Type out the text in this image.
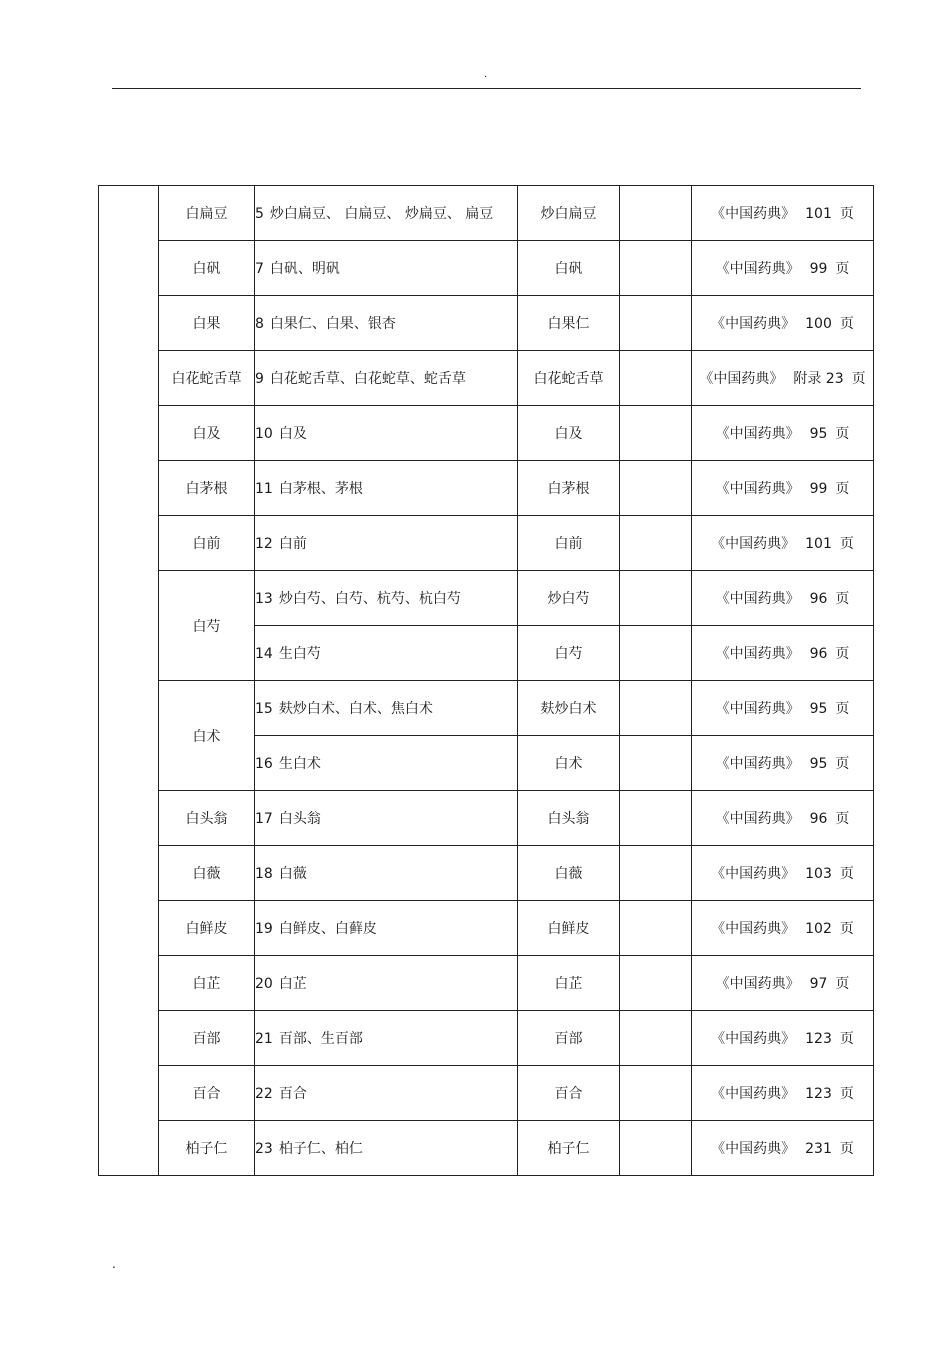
.
	白扁豆	5 炒白扁豆、 白扁豆、 炒扁豆、 扁豆	炒白扁豆		《中国药典》 101 页
	白矾	7 白矾、明矾	白矾		《中国药典》 99 页
	白果	8 白果仁、白果、银杏	白果仁		《中国药典》 100 页
	白花蛇舌草	9 白花蛇舌草、白花蛇草、蛇舌草	白花蛇舌草		《中国药典》 附录 23 页
	白及	10 白及	白及		《中国药典》 95 页
	白茅根	11 白茅根、茅根	白茅根		《中国药典》 99 页
	白前	12 白前	白前		《中国药典》 101 页
	白芍	13 炒白芍、白芍、杭芍、杭白芍	炒白芍		《中国药典》 96 页
		14 生白芍	白芍		《中国药典》 96 页
	白术	15 麸炒白术、白术、焦白术	麸炒白术		《中国药典》 95 页
		16 生白术	白术		《中国药典》 95 页
	白头翁	17 白头翁	白头翁		《中国药典》 96 页
	白薇	18 白薇	白薇		《中国药典》 103 页
	白鲜皮	19 白鲜皮、白藓皮	白鲜皮		《中国药典》 102 页
	白芷	20 白芷	白芷		《中国药典》 97 页
	百部	21 百部、生百部	百部		《中国药典》 123 页
	百合	22 百合	百合		《中国药典》 123 页
	柏子仁	23 柏子仁、柏仁	柏子仁		《中国药典》 231 页
.
